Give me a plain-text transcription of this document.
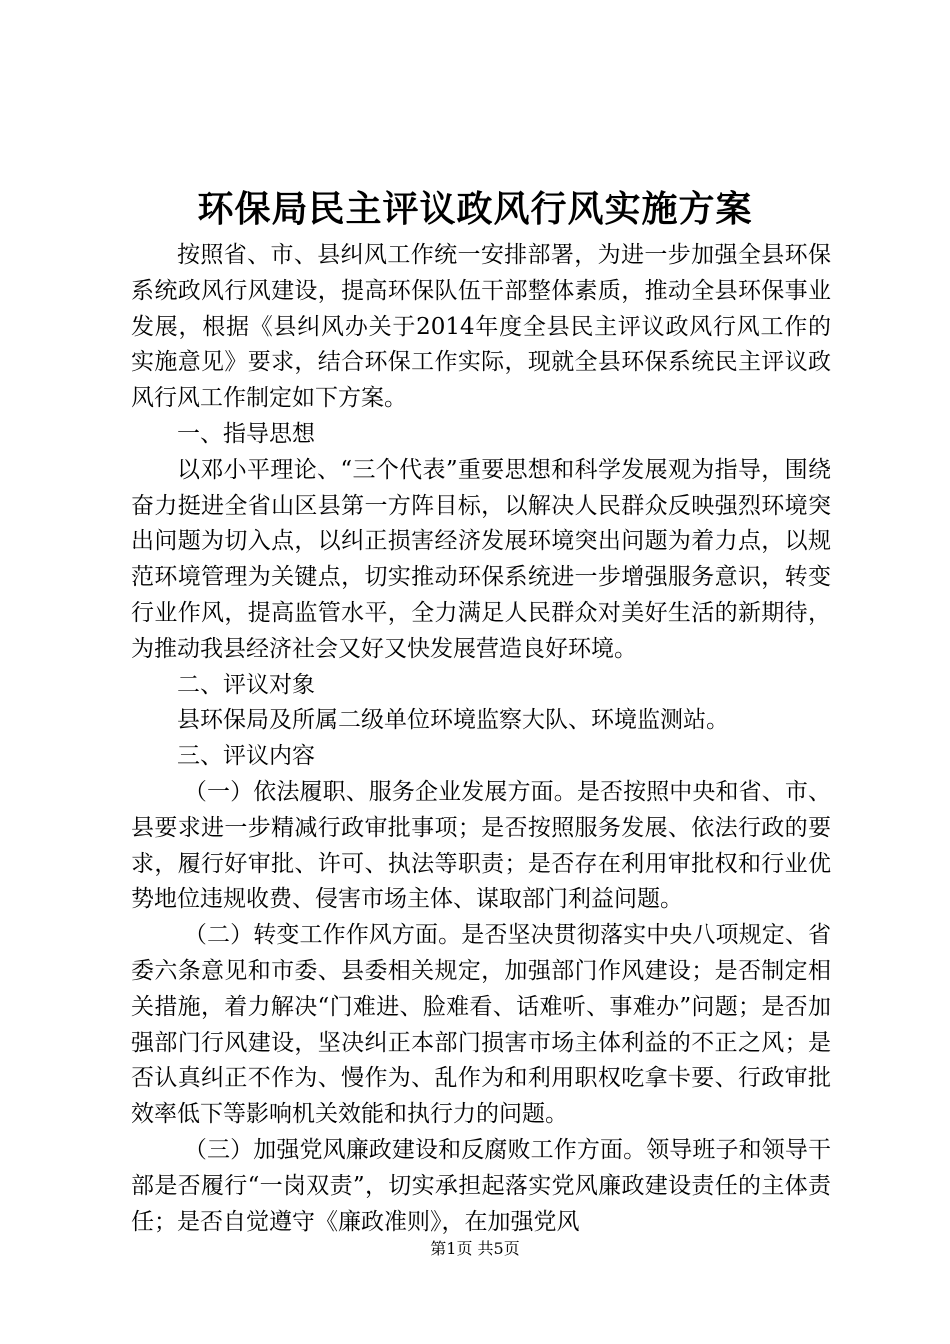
环保局民主评议政风行风实施方案

按照省、市、县纠风工作统一安排部署，为进一步加强全县环保系统政风行风建设，提高环保队伍干部整体素质，推动全县环保事业发展，根据《县纠风办关于2014年度全县民主评议政风行风工作的实施意见》要求，结合环保工作实际，现就全县环保系统民主评议政风行风工作制定如下方案。

一、指导思想

以邓小平理论、“三个代表”重要思想和科学发展观为指导，围绕奋力挺进全省山区县第一方阵目标，以解决人民群众反映强烈环境突出问题为切入点，以纠正损害经济发展环境突出问题为着力点，以规范环境管理为关键点，切实推动环保系统进一步增强服务意识，转变行业作风，提高监管水平，全力满足人民群众对美好生活的新期待，为推动我县经济社会又好又快发展营造良好环境。

二、评议对象

县环保局及所属二级单位环境监察大队、环境监测站。

三、评议内容

（一）依法履职、服务企业发展方面。是否按照中央和省、市、县要求进一步精减行政审批事项；是否按照服务发展、依法行政的要求，履行好审批、许可、执法等职责；是否存在利用审批权和行业优势地位违规收费、侵害市场主体、谋取部门利益问题。

（二）转变工作作风方面。是否坚决贯彻落实中央八项规定、省委六条意见和市委、县委相关规定，加强部门作风建设；是否制定相关措施，着力解决“门难进、脸难看、话难听、事难办”问题；是否加强部门行风建设，坚决纠正本部门损害市场主体利益的不正之风；是否认真纠正不作为、慢作为、乱作为和利用职权吃拿卡要、行政审批效率低下等影响机关效能和执行力的问题。

（三）加强党风廉政建设和反腐败工作方面。领导班子和领导干部是否履行“一岗双责”，切实承担起落实党风廉政建设责任的主体责任；是否自觉遵守《廉政准则》，在加强党风

第1页 共5页
